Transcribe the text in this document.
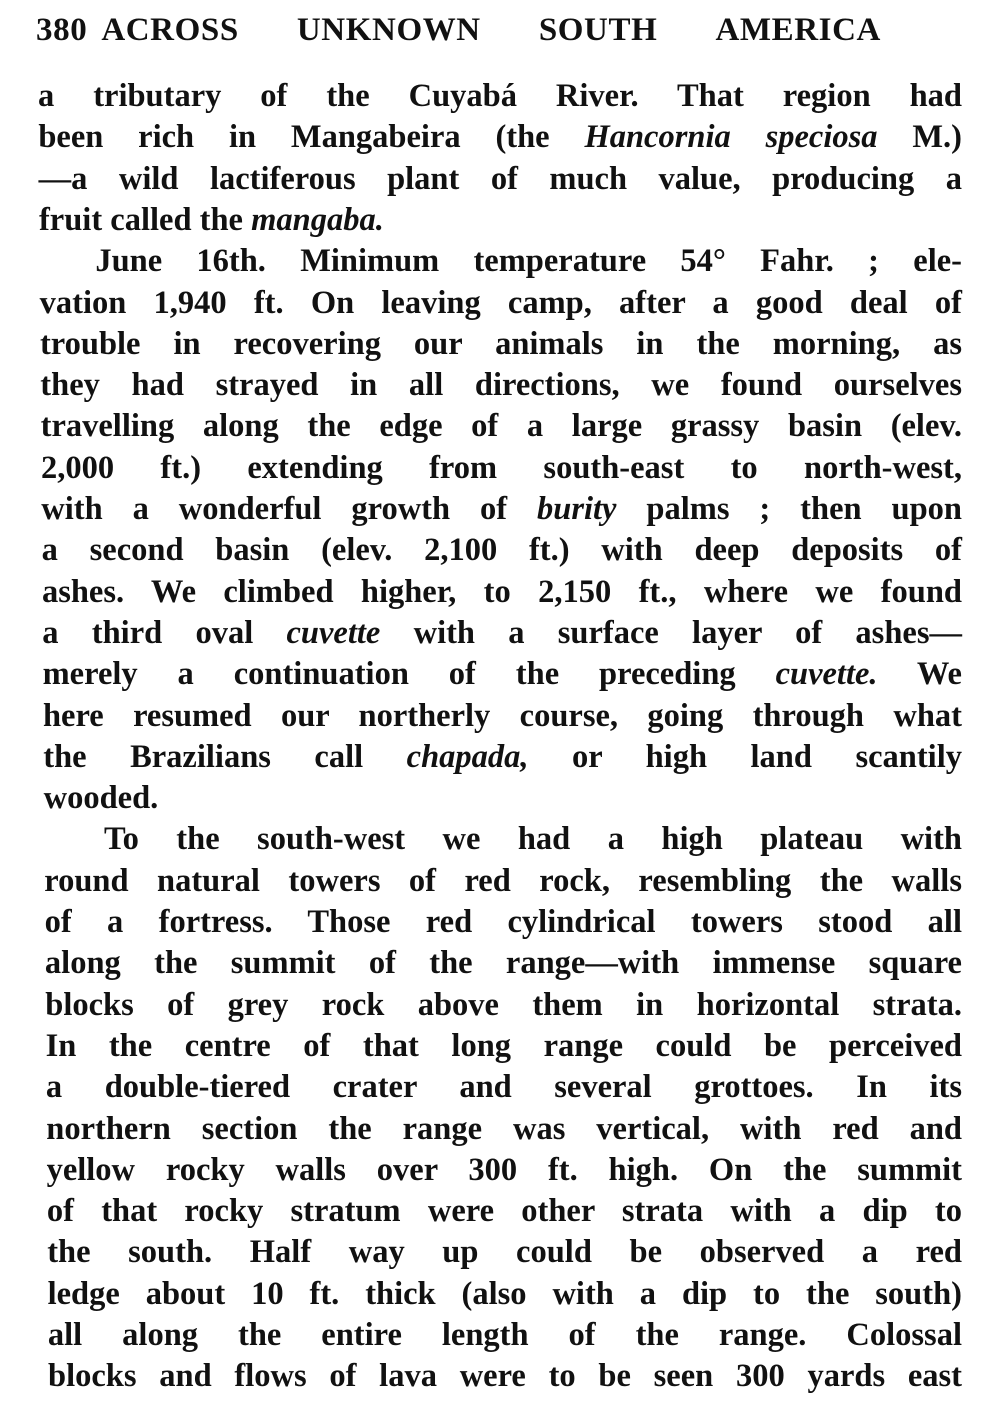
380 ACROSS UNKNOWN SOUTH AMERICA
a tributary of the Cuyabá River. That region had
been rich in Mangabeira (the Hancornia speciosa M.)
—a wild lactiferous plant of much value, producing a
fruit called the mangaba.
June 16th. Minimum temperature 54° Fahr. ; ele-
vation 1,940 ft. On leaving camp, after a good deal of
trouble in recovering our animals in the morning, as
they had strayed in all directions, we found ourselves
travelling along the edge of a large grassy basin (elev.
2,000 ft.) extending from south-east to north-west,
with a wonderful growth of burity palms ; then upon
a second basin (elev. 2,100 ft.) with deep deposits of
ashes. We climbed higher, to 2,150 ft., where we found
a third oval cuvette with a surface layer of ashes—
merely a continuation of the preceding cuvette. We
here resumed our northerly course, going through what
the Brazilians call chapada, or high land scantily
wooded.
To the south-west we had a high plateau with
round natural towers of red rock, resembling the walls
of a fortress. Those red cylindrical towers stood all
along the summit of the range—with immense square
blocks of grey rock above them in horizontal strata.
In the centre of that long range could be perceived
a double-tiered crater and several grottoes. In its
northern section the range was vertical, with red and
yellow rocky walls over 300 ft. high. On the summit
of that rocky stratum were other strata with a dip to
the south. Half way up could be observed a red
ledge about 10 ft. thick (also with a dip to the south)
all along the entire length of the range. Colossal
blocks and flows of lava were to be seen 300 yards east
